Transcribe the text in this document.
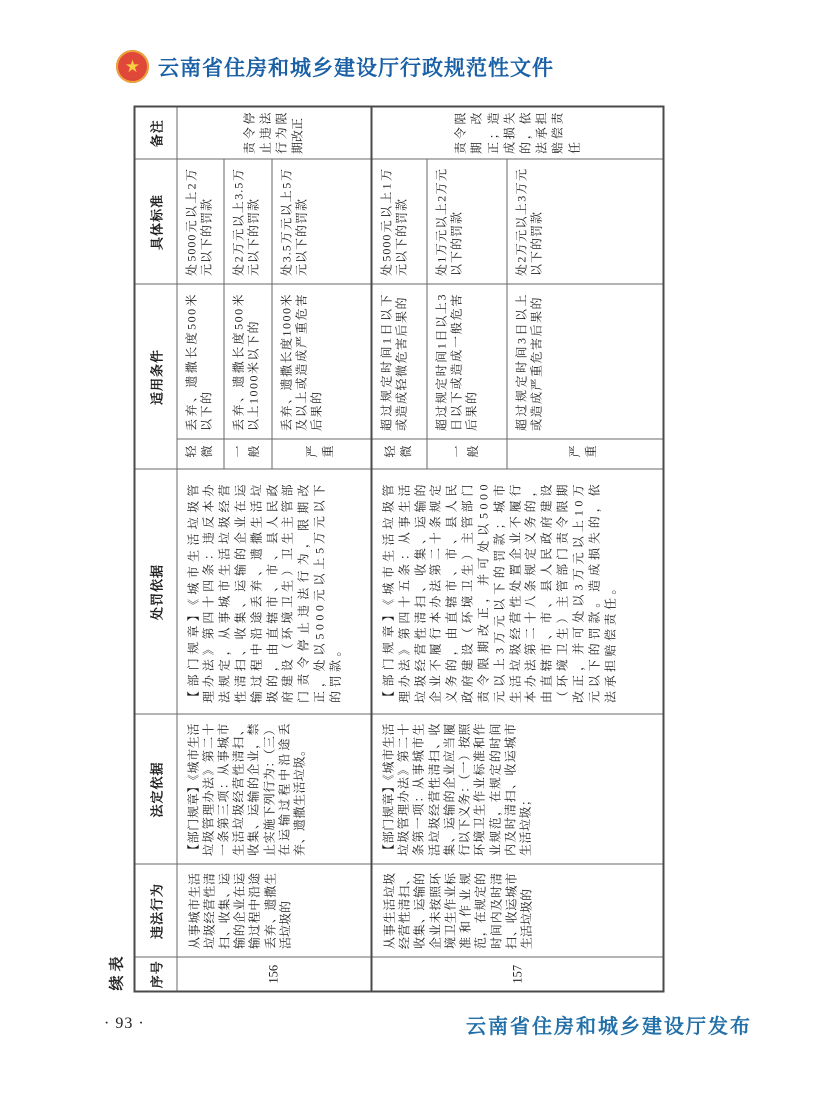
★
云南省住房和城乡建设厅行政规范性文件
续表 序号	违法行为	法定依据	处罚依据	适用条件		具体标准	备注
156	从事城市生活垃圾经营性清扫、收集、运输的企业在运输过程中沿途丢弃、遗撒生活垃圾的	【部门规章】《城市生活垃圾管理办法》第二十一条第三项：从事城市生活垃圾经营性清扫、收集、运输的企业，禁止实施下列行为：（三）在运输过程中沿途丢弃、遗撒生活垃圾。	【部门规章】《城市生活垃圾管理办法》第四十四条：违反本办法规定，从事城市生活垃圾经营性清扫、收集、运输的企业在运输过程中沿途丢弃、遗撒生活垃圾的，由直辖市、市、县人民政府建设（环境卫生）卫生主管部门责令停止违法行为，限期改正，处以5000元以上5万元以下的罚款。	轻微	丢弃、遗撒长度500米以下的	处5000元以上2万元以下的罚款	责令停止违法行为限期改正
				一般	丢弃、遗撒长度500米以上1000米以下的	处2万元以上3.5万元以下的罚款	
				严重	丢弃、遗撒长度1000米及以上或造成严重危害后果的	处3.5万元以上5万元以下的罚款	
157	从事生活垃圾经营性清扫、收集、运输的企业未按照环境卫生作业标准和作业规范，在规定的时间内及时清扫、收运城市生活垃圾的	【部门规章】《城市生活垃圾管理办法》第二十条第一项：从事城市生活垃圾经营性清扫、收集、运输的企业应当履行以下义务：（一）按照环境卫生作业标准和作业规范，在规定的时间内及时清扫、收运城市生活垃圾；	【部门规章】《城市生活垃圾管理办法》第四十五条：从事生活垃圾经营性清扫、收集、运输的企业不履行本办法第二十条规定义务的，由直辖市、市、县人民政府建设（环境卫生）主管部门责令限期改正，并可处以5000元以上3万元以下的罚款；城市生活垃圾经营性处置企业不履行本办法第二十八条规定义务的，由直辖市、市、县人民政府建设（环境卫生）主管部门责令限期改正，并可处以3万元以上10万元以下的罚款。造成损失的，依法承担赔偿责任。	轻微	超过规定时间1日以下或造成轻微危害后果的	处5000元以上1万元以下的罚款	责令限期改正；造成损失的，依法承担赔偿责任
				一般	超过规定时间1日以上3日以下或造成一般危害后果的	处1万元以上2万元以下的罚款	
				严重	超过规定时间3日以上或造成严重危害后果的	处2万元以上3万元以下的罚款	
· 93 ·	云南省住房和城乡建设厅发布
